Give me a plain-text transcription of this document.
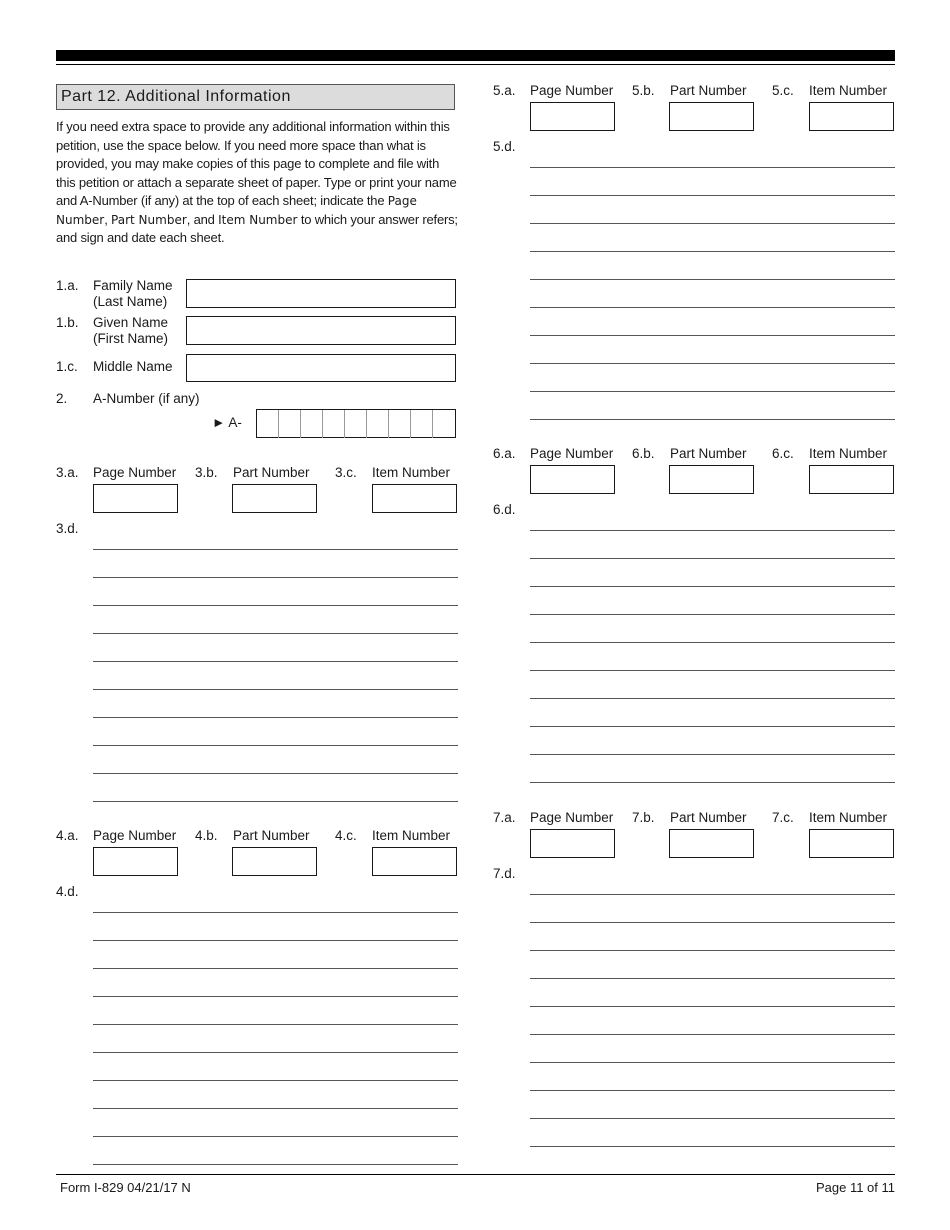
Part 12. Additional Information
If you need extra space to provide any additional information within this petition, use the space below. If you need more space than what is provided, you may make copies of this page to complete and file with this petition or attach a separate sheet of paper. Type or print your name and A-Number (if any) at the top of each sheet; indicate the Page Number, Part Number, and Item Number to which your answer refers; and sign and date each sheet.
1.a. Family Name
(Last Name)
1.b. Given Name
(First Name)
1.c. Middle Name
2. A-Number (if any)
► A-
3.a. Page Number 3.b. Part Number 3.c. Item Number
3.d.
4.a. Page Number 4.b. Part Number 4.c. Item Number
4.d.
5.a. Page Number 5.b. Part Number 5.c. Item Number
5.d.
6.a. Page Number 6.b. Part Number 6.c. Item Number
6.d.
7.a. Page Number 7.b. Part Number 7.c. Item Number
7.d.
Form I-829 04/21/17 N	Page 11 of 11
